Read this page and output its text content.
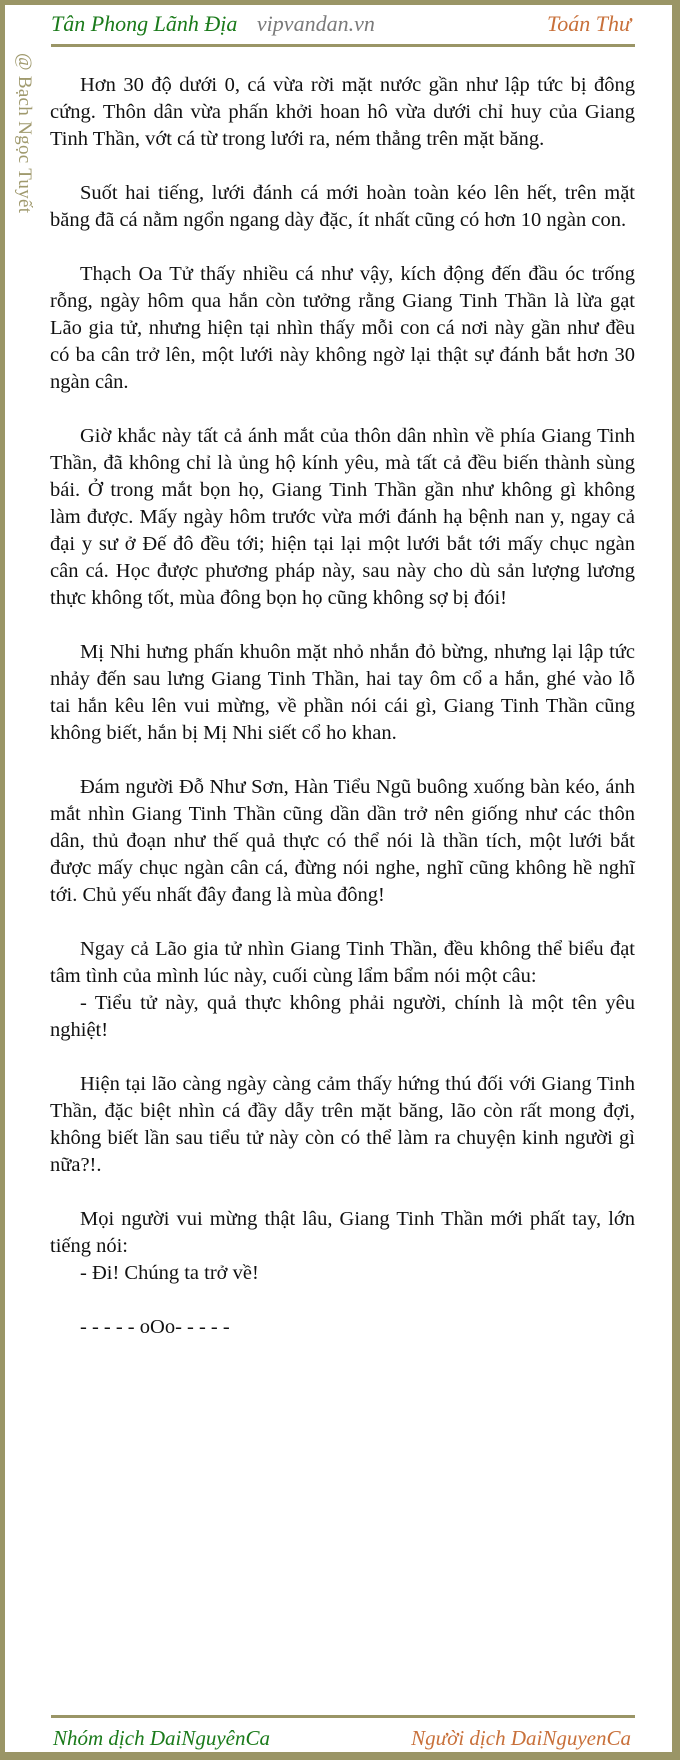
Tân Phong Lãnh Địa vipvandan.vn	Toán Thư
@ Bạch Ngọc Tuyết	Hơn 30 độ dưới 0, cá vừa rời mặt nước gần như lập tức bị đông cứng. Thôn dân vừa phấn khởi hoan hô vừa dưới chỉ huy của Giang Tinh Thần, vớt cá từ trong lưới ra, ném thẳng trên mặt băng.

Suốt hai tiếng, lưới đánh cá mới hoàn toàn kéo lên hết, trên mặt băng đã cá nằm ngổn ngang dày đặc, ít nhất cũng có hơn 10 ngàn con.

Thạch Oa Tử thấy nhiều cá như vậy, kích động đến đầu óc trống rỗng, ngày hôm qua hắn còn tưởng rằng Giang Tinh Thần là lừa gạt Lão gia tử, nhưng hiện tại nhìn thấy mỗi con cá nơi này gần như đều có ba cân trở lên, một lưới này không ngờ lại thật sự đánh bắt hơn 30 ngàn cân.

Giờ khắc này tất cả ánh mắt của thôn dân nhìn về phía Giang Tinh Thần, đã không chỉ là ủng hộ kính yêu, mà tất cả đều biến thành sùng bái. Ở trong mắt bọn họ, Giang Tinh Thần gần như không gì không làm được. Mấy ngày hôm trước vừa mới đánh hạ bệnh nan y, ngay cả đại y sư ở Đế đô đều tới; hiện tại lại một lưới bắt tới mấy chục ngàn cân cá. Học được phương pháp này, sau này cho dù sản lượng lương thực không tốt, mùa đông bọn họ cũng không sợ bị đói!

Mị Nhi hưng phấn khuôn mặt nhỏ nhắn đỏ bừng, nhưng lại lập tức nhảy đến sau lưng Giang Tinh Thần, hai tay ôm cổ a hắn, ghé vào lỗ tai hắn kêu lên vui mừng, về phần nói cái gì, Giang Tinh Thần cũng không biết, hắn bị Mị Nhi siết cổ ho khan.

Đám người Đỗ Như Sơn, Hàn Tiểu Ngũ buông xuống bàn kéo, ánh mắt nhìn Giang Tinh Thần cũng dần dần trở nên giống như các thôn dân, thủ đoạn như thế quả thực có thể nói là thần tích, một lưới bắt được mấy chục ngàn cân cá, đừng nói nghe, nghĩ cũng không hề nghĩ tới. Chủ yếu nhất đây đang là mùa đông!

Ngay cả Lão gia tử nhìn Giang Tinh Thần, đều không thể biểu đạt tâm tình của mình lúc này, cuối cùng lẩm bẩm nói một câu:

- Tiểu tử này, quả thực không phải người, chính là một tên yêu nghiệt!

Hiện tại lão càng ngày càng cảm thấy hứng thú đối với Giang Tinh Thần, đặc biệt nhìn cá đầy dẫy trên mặt băng, lão còn rất mong đợi, không biết lần sau tiểu tử này còn có thể làm ra chuyện kinh người gì nữa?!.

Mọi người vui mừng thật lâu, Giang Tinh Thần mới phất tay, lớn tiếng nói:

- Đi! Chúng ta trở về!

- - - - - oOo- - - - -

Nhóm dịch DaiNguyênCa	Người dịch DaiNguyenCa
